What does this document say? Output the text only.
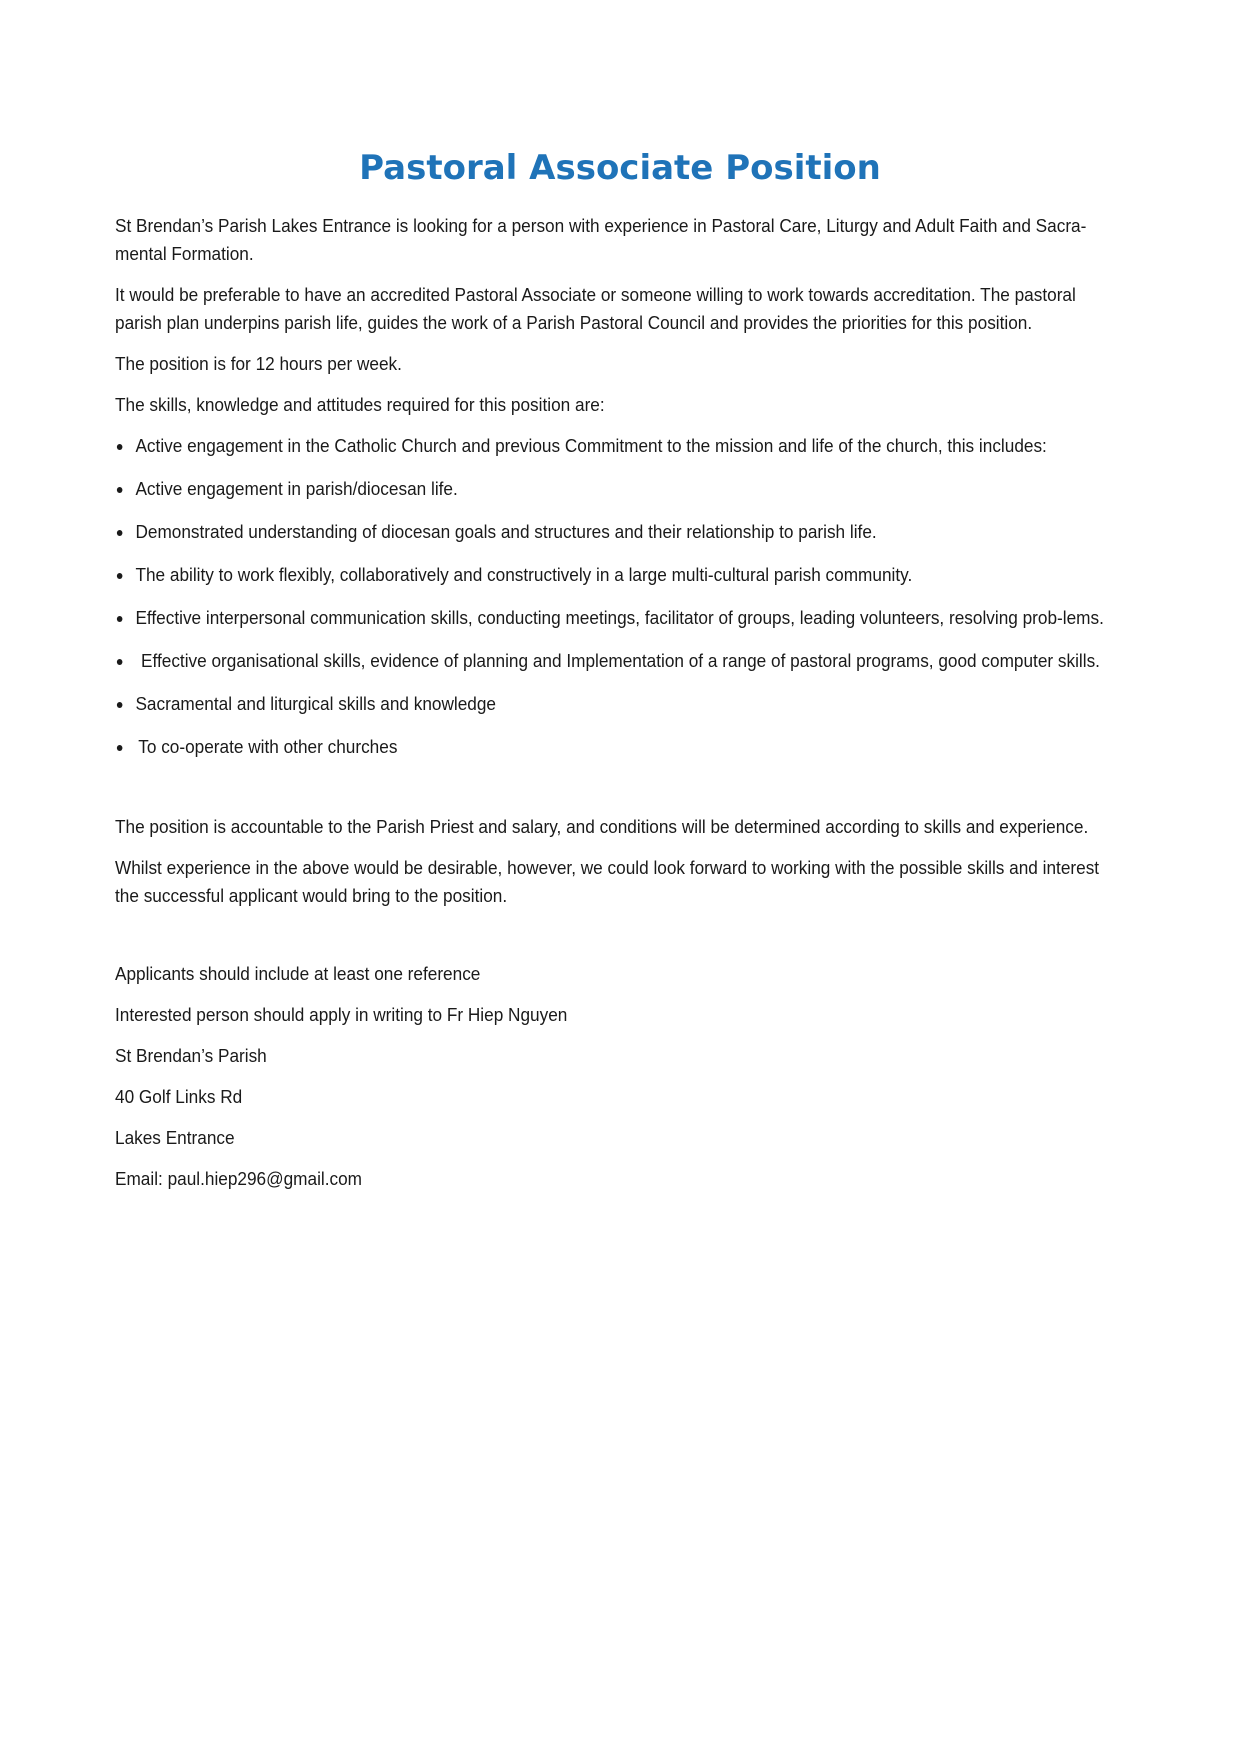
Pastoral Associate Position

St Brendan’s Parish Lakes Entrance is looking for a person with experience in Pastoral Care, Liturgy and Adult Faith and Sacra-mental Formation.

It would be preferable to have an accredited Pastoral Associate or someone willing to work towards accreditation. The pastoral parish plan underpins parish life, guides the work of a Parish Pastoral Council and provides the priorities for this position.

The position is for 12 hours per week.

The skills, knowledge and attitudes required for this position are:

Active engagement in the Catholic Church and previous Commitment to the mission and life of the church, this includes:
Active engagement in parish/diocesan life.
Demonstrated understanding of diocesan goals and structures and their relationship to parish life.
The ability to work flexibly, collaboratively and constructively in a large multi-cultural parish community.
Effective interpersonal communication skills, conducting meetings, facilitator of groups, leading volunteers, resolving prob-lems.
Effective organisational skills, evidence of planning and Implementation of a range of pastoral programs, good computer skills.
Sacramental and liturgical skills and knowledge
To co-operate with other churches

The position is accountable to the Parish Priest and salary, and conditions will be determined according to skills and experience.

Whilst experience in the above would be desirable, however, we could look forward to working with the possible skills and interest the successful applicant would bring to the position.

Applicants should include at least one reference

Interested person should apply in writing to Fr Hiep Nguyen

St Brendan’s Parish

40 Golf Links Rd

Lakes Entrance

Email: paul.hiep296@gmail.com
